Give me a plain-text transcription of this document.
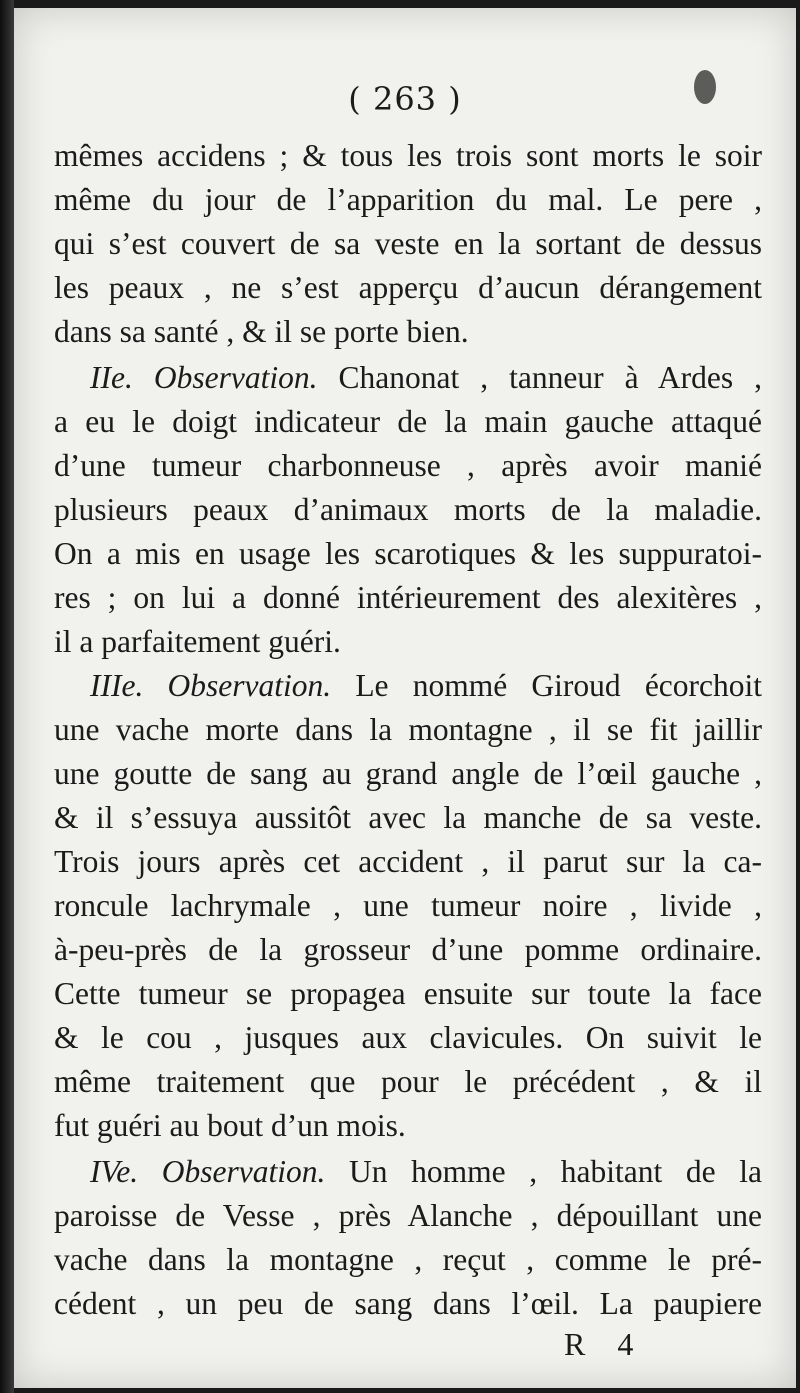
( 263 )
mêmes accidens ; & tous les trois sont morts le soir
même du jour de l’apparition du mal. Le pere ,
qui s’est couvert de sa veste en la sortant de dessus
les peaux , ne s’est apperçu d’aucun dérangement
dans sa santé , & il se porte bien.
IIe. Observation. Chanonat , tanneur à Ardes ,
a eu le doigt indicateur de la main gauche attaqué
d’une tumeur charbonneuse , après avoir manié
plusieurs peaux d’animaux morts de la maladie.
On a mis en usage les scarotiques & les suppuratoi-
res ; on lui a donné intérieurement des alexitères ,
il a parfaitement guéri.
IIIe. Observation. Le nommé Giroud écorchoit
une vache morte dans la montagne , il se fit jaillir
une goutte de sang au grand angle de l’œil gauche ,
& il s’essuya aussitôt avec la manche de sa veste.
Trois jours après cet accident , il parut sur la ca-
roncule lachrymale , une tumeur noire , livide ,
à-peu-près de la grosseur d’une pomme ordinaire.
Cette tumeur se propagea ensuite sur toute la face
& le cou , jusques aux clavicules. On suivit le
même traitement que pour le précédent , & il
fut guéri au bout d’un mois.
IVe. Observation. Un homme , habitant de la
paroisse de Vesse , près Alanche , dépouillant une
vache dans la montagne , reçut , comme le pré-
cédent , un peu de sang dans l’œil. La paupiere
R 4
